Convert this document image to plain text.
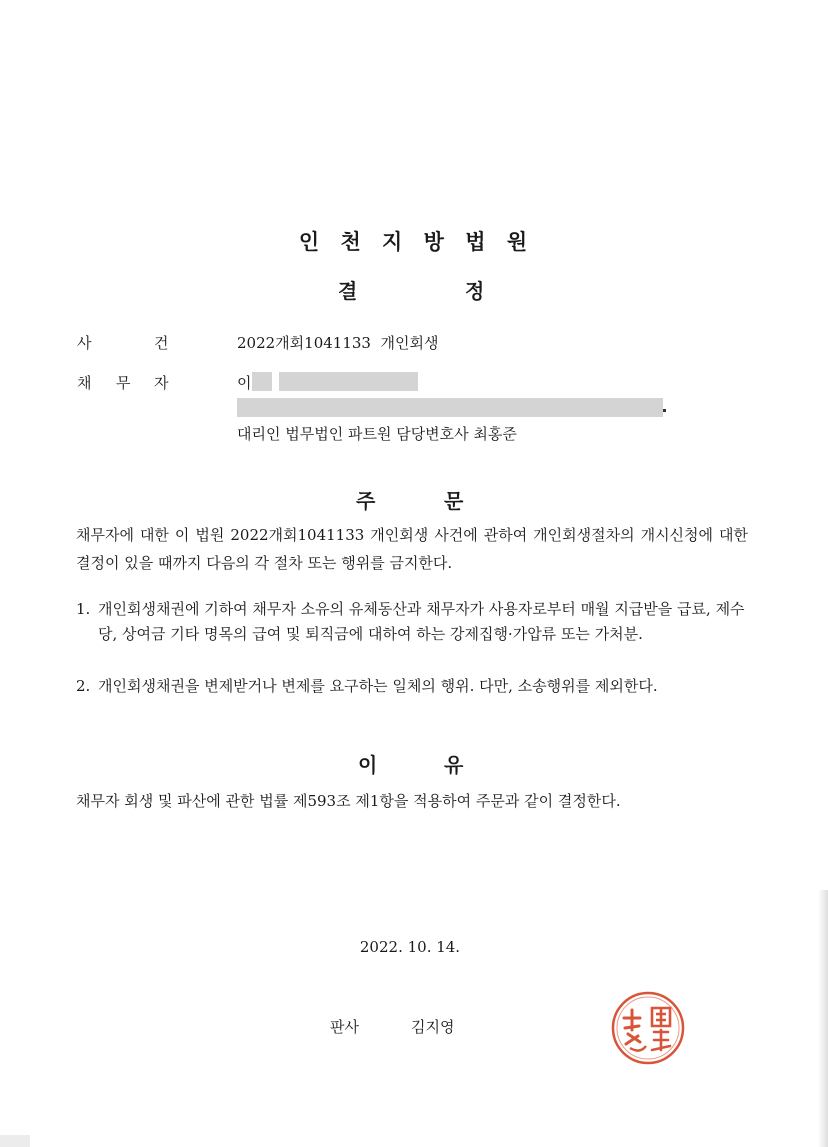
인 천 지 방 법 원
결	정
사	건	2022개회1041133  개인회생
채 무 자	이
대리인 법무법인 파트원 담당변호사 최홍준
주	문
채무자에 대한 이 법원 2022개회1041133 개인회생 사건에 관하여 개인회생절차의 개시신청에 대한 결정이 있을 때까지 다음의 각 절차 또는 행위를 금지한다.
1. 개인회생채권에 기하여 채무자 소유의 유체동산과 채무자가 사용자로부터 매월 지급받을 급료, 제수당, 상여금 기타 명목의 급여 및 퇴직금에 대하여 하는 강제집행·가압류 또는 가처분.
2. 개인회생채권을 변제받거나 변제를 요구하는 일체의 행위. 다만, 소송행위를 제외한다.
이	유
채무자 회생 및 파산에 관한 법률 제593조 제1항을 적용하여 주문과 같이 결정한다.
2022. 10. 14.
판사	김지영
